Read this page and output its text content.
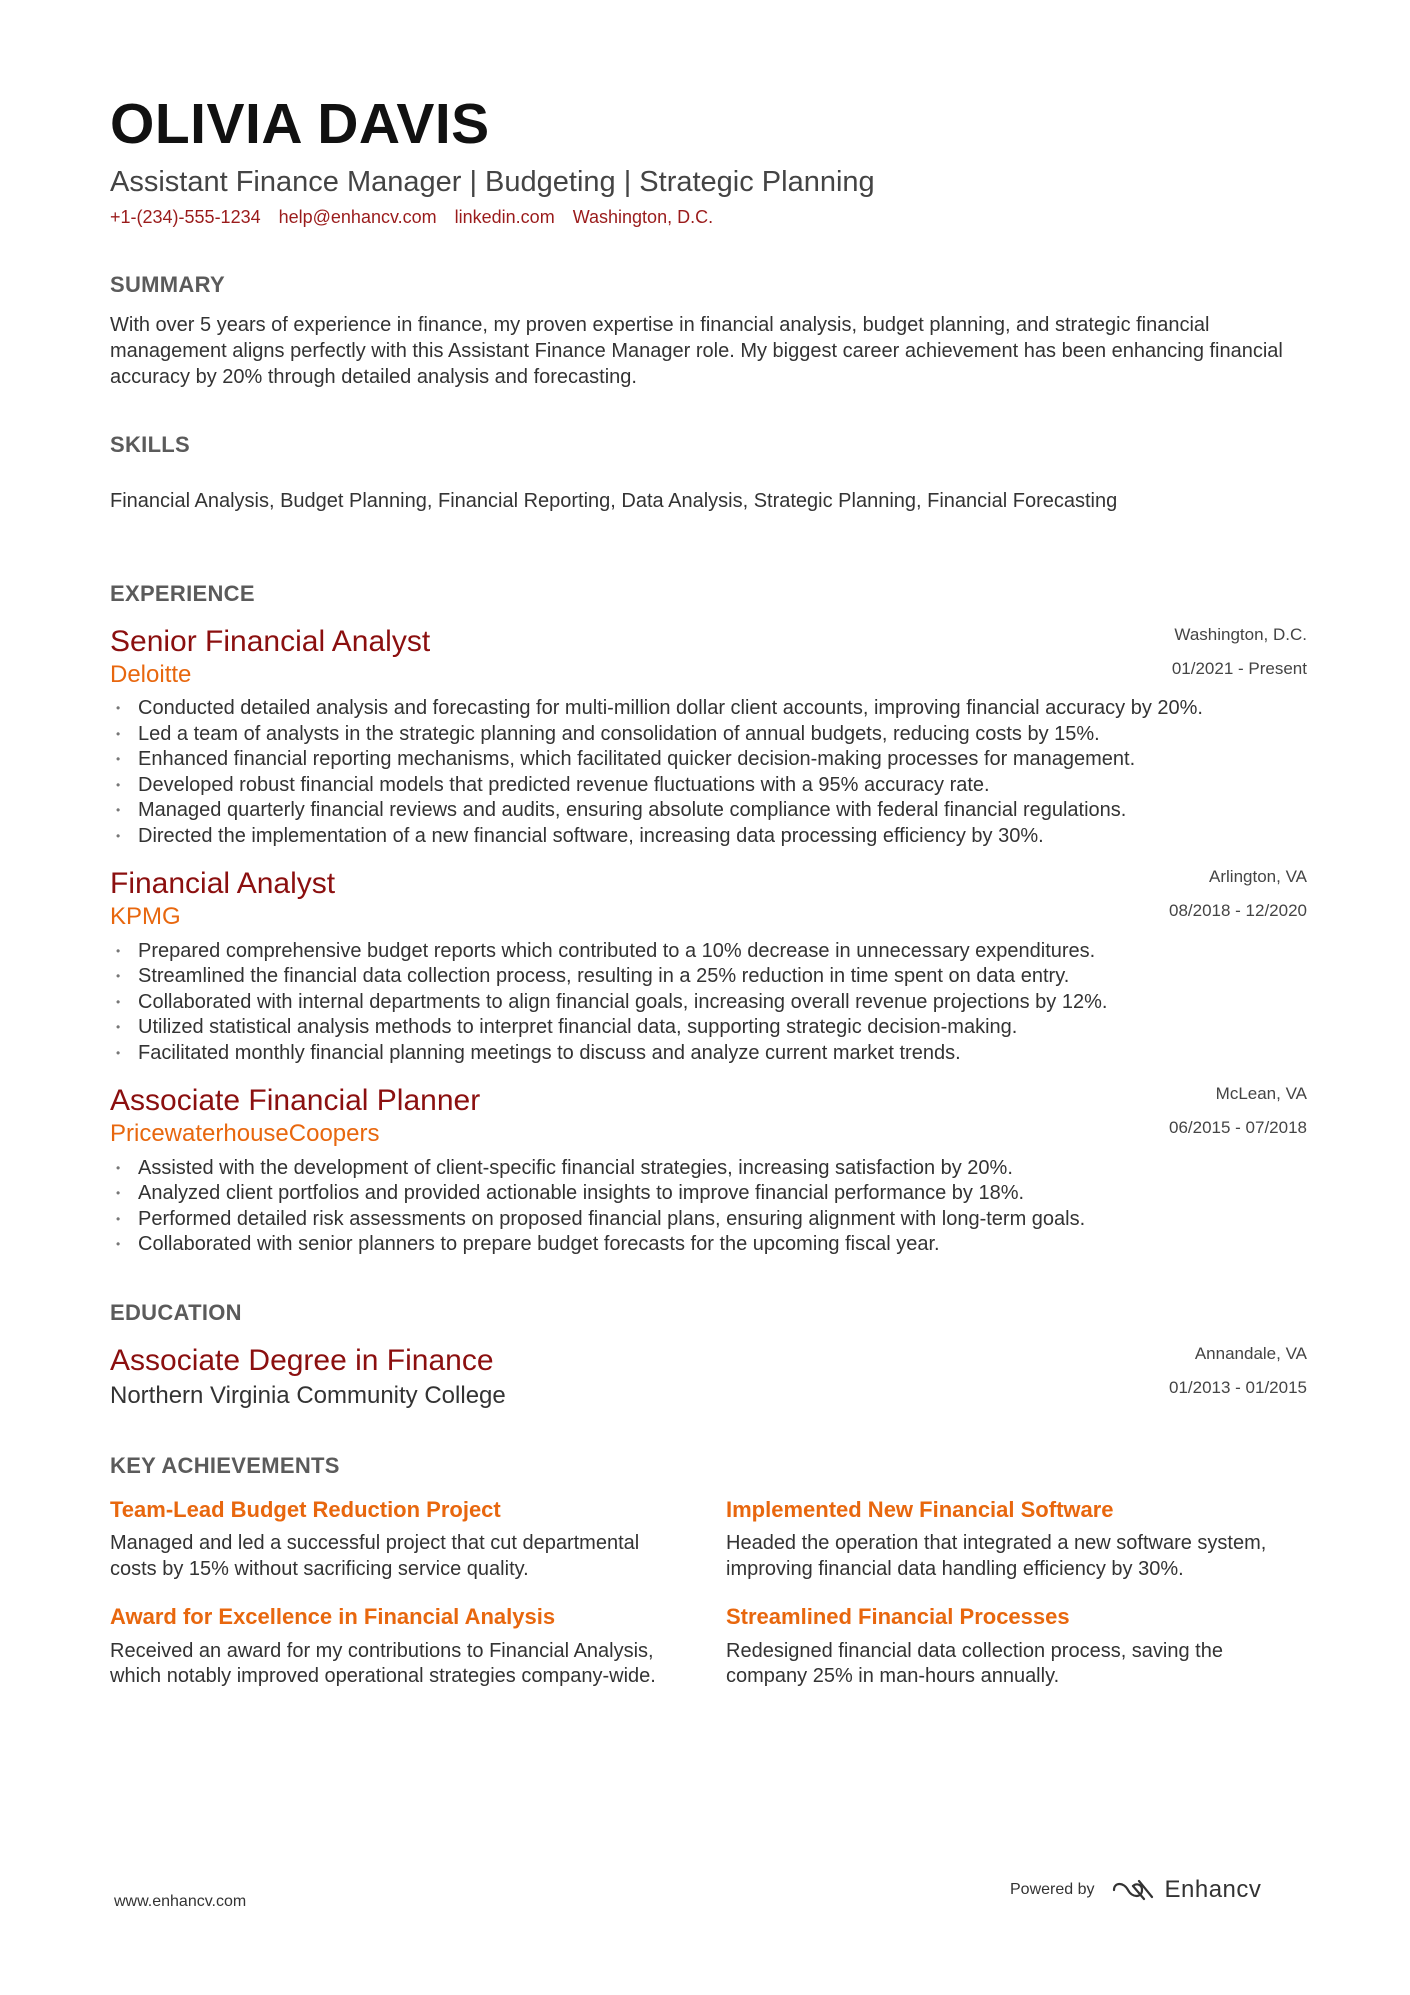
OLIVIA DAVIS
Assistant Finance Manager | Budgeting | Strategic Planning
+1-(234)-555-1234 help@enhancv.com linkedin.com Washington, D.C.
SUMMARY
With over 5 years of experience in finance, my proven expertise in financial analysis, budget planning, and strategic financial management aligns perfectly with this Assistant Finance Manager role. My biggest career achievement has been enhancing financial accuracy by 20% through detailed analysis and forecasting.
SKILLS
Financial Analysis, Budget Planning, Financial Reporting, Data Analysis, Strategic Planning, Financial Forecasting
EXPERIENCE
Senior Financial Analyst
Deloitte
Washington, D.C.
01/2021 - Present
• Conducted detailed analysis and forecasting for multi-million dollar client accounts, improving financial accuracy by 20%.
• Led a team of analysts in the strategic planning and consolidation of annual budgets, reducing costs by 15%.
• Enhanced financial reporting mechanisms, which facilitated quicker decision-making processes for management.
• Developed robust financial models that predicted revenue fluctuations with a 95% accuracy rate.
• Managed quarterly financial reviews and audits, ensuring absolute compliance with federal financial regulations.
• Directed the implementation of a new financial software, increasing data processing efficiency by 30%.
Financial Analyst
KPMG
Arlington, VA
08/2018 - 12/2020
• Prepared comprehensive budget reports which contributed to a 10% decrease in unnecessary expenditures.
• Streamlined the financial data collection process, resulting in a 25% reduction in time spent on data entry.
• Collaborated with internal departments to align financial goals, increasing overall revenue projections by 12%.
• Utilized statistical analysis methods to interpret financial data, supporting strategic decision-making.
• Facilitated monthly financial planning meetings to discuss and analyze current market trends.
Associate Financial Planner
PricewaterhouseCoopers
McLean, VA
06/2015 - 07/2018
• Assisted with the development of client-specific financial strategies, increasing satisfaction by 20%.
• Analyzed client portfolios and provided actionable insights to improve financial performance by 18%.
• Performed detailed risk assessments on proposed financial plans, ensuring alignment with long-term goals.
• Collaborated with senior planners to prepare budget forecasts for the upcoming fiscal year.
EDUCATION
Associate Degree in Finance
Northern Virginia Community College
Annandale, VA
01/2013 - 01/2015
KEY ACHIEVEMENTS
Team-Lead Budget Reduction Project
Managed and led a successful project that cut departmental costs by 15% without sacrificing service quality.
Implemented New Financial Software
Headed the operation that integrated a new software system, improving financial data handling efficiency by 30%.
Award for Excellence in Financial Analysis
Received an award for my contributions to Financial Analysis, which notably improved operational strategies company-wide.
Streamlined Financial Processes
Redesigned financial data collection process, saving the company 25% in man-hours annually.
www.enhancv.com
Powered by	Enhancv
